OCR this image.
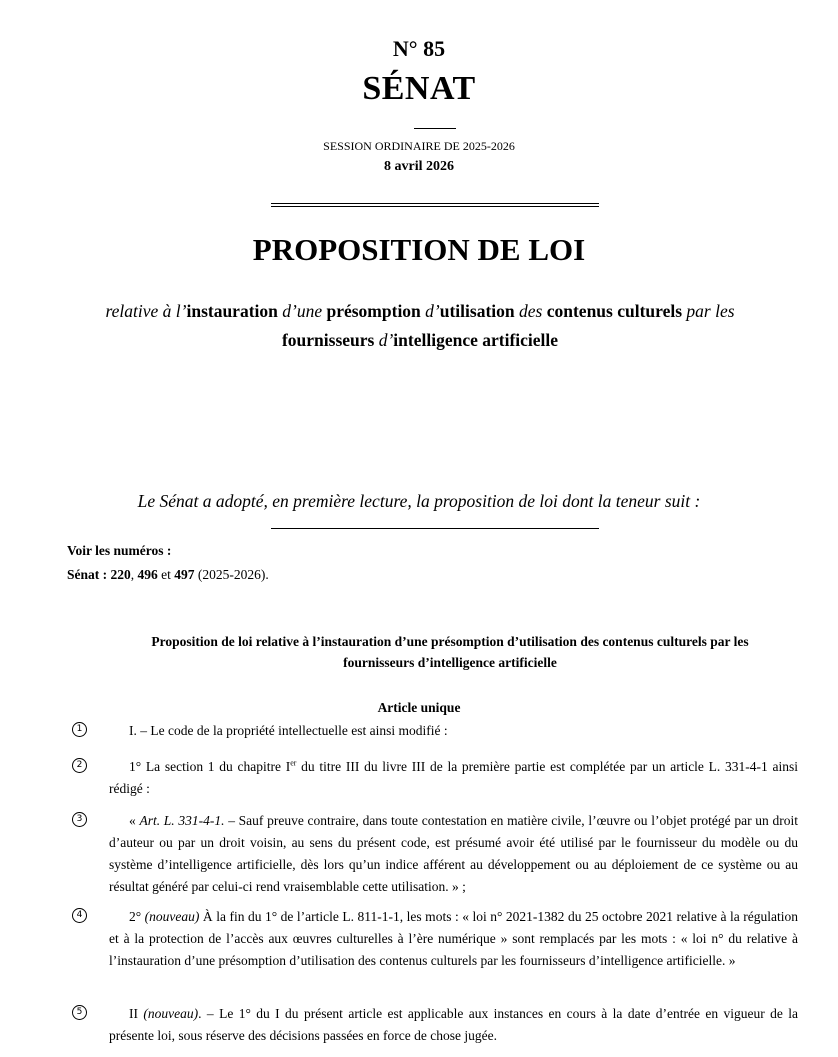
N° 85
SÉNAT
SESSION ORDINAIRE DE 2025-2026
8 avril 2026
PROPOSITION DE LOI
relative à l’instauration d’une présomption d’utilisation des contenus culturels par les
fournisseurs d’intelligence artificielle
Le Sénat a adopté, en première lecture, la proposition de loi dont la teneur suit :
Voir les numéros :
Sénat : 220, 496 et 497 (2025-2026).
Proposition de loi relative à l’instauration d’une présomption d’utilisation des contenus culturels par les fournisseurs d’intelligence artificielle
Article unique
1	I. – Le code de la propriété intellectuelle est ainsi modifié :
2	1° La section 1 du chapitre Ier du titre III du livre III de la première partie est complétée par un article L. 331-4-1 ainsi rédigé :
3	« Art. L. 331-4-1. – Sauf preuve contraire, dans toute contestation en matière civile, l’œuvre ou l’objet protégé par un droit d’auteur ou par un droit voisin, au sens du présent code, est présumé avoir été utilisé par le fournisseur du modèle ou du système d’intelligence artificielle, dès lors qu’un indice afférent au développement ou au déploiement de ce système ou au résultat généré par celui-ci rend vraisemblable cette utilisation. » ;
4	2° (nouveau) À la fin du 1° de l’article L. 811-1-1, les mots : « loi n° 2021-1382 du 25 octobre 2021 relative à la régulation et à la protection de l’accès aux œuvres culturelles à l’ère numérique » sont remplacés par les mots : « loi n° du relative à l’instauration d’une présomption d’utilisation des contenus culturels par les fournisseurs d’intelligence artificielle. »
5	II (nouveau). – Le 1° du I du présent article est applicable aux instances en cours à la date d’entrée en vigueur de la présente loi, sous réserve des décisions passées en force de chose jugée.
